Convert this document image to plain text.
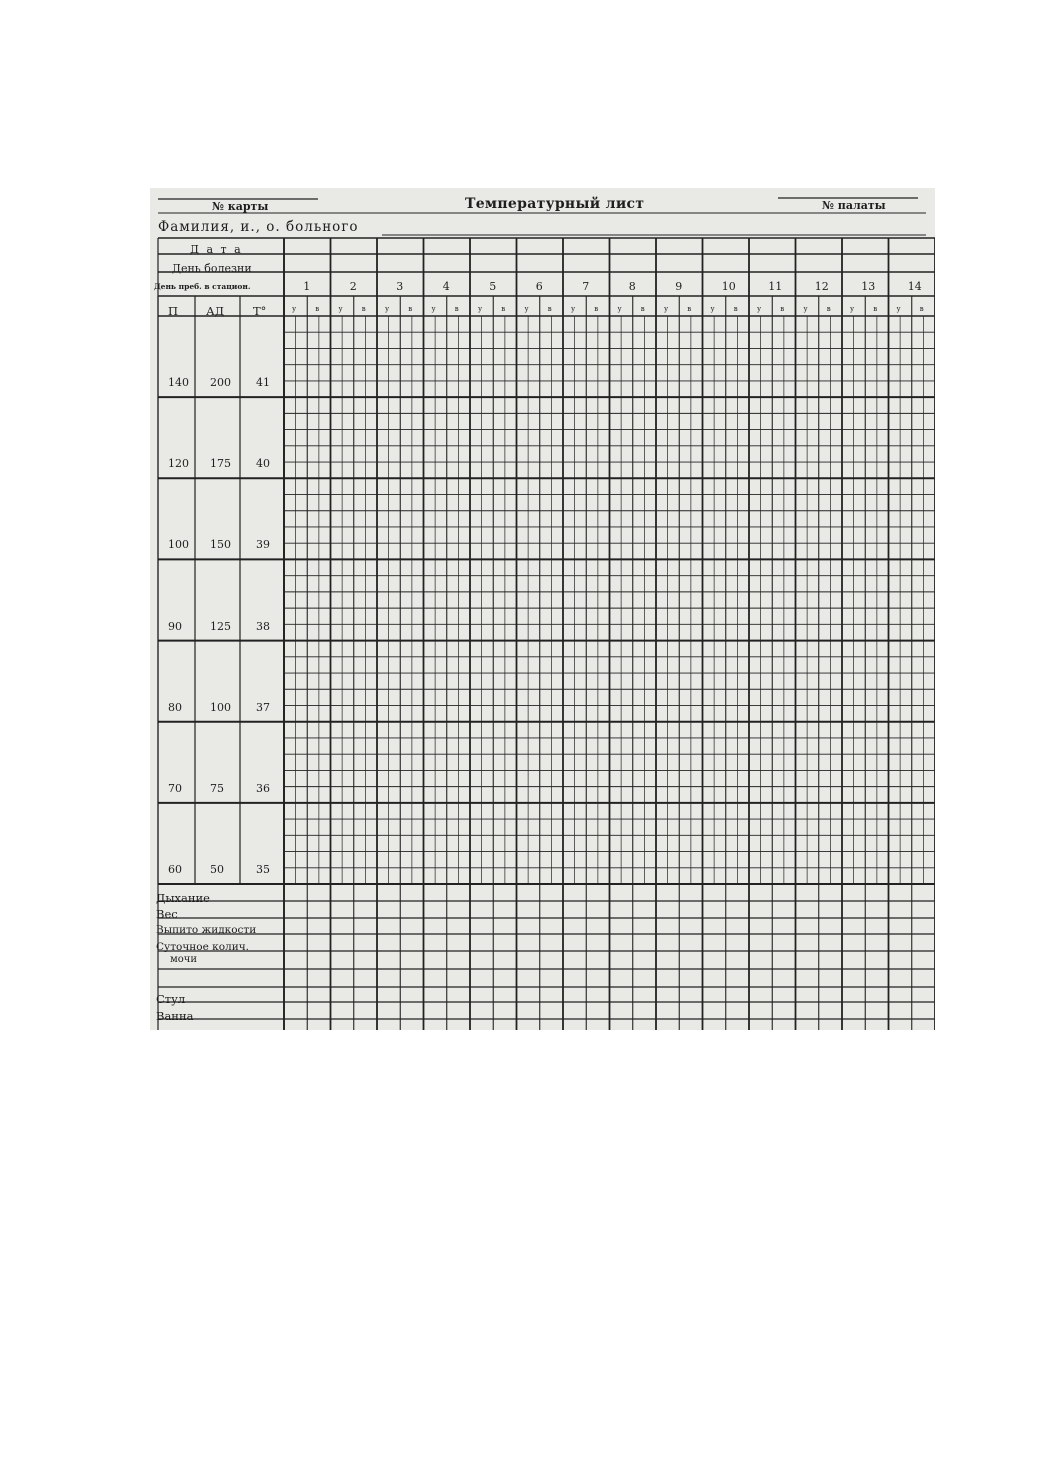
№ карты	Температурный лист	№ палаты
Фамилия, и., о. больного
Д а т а
День болезни
День преб. в стацион.
П АД	Т°
140 200 41
120 175 40
100 150 39
90	125 38
80	100 37
70	75	36
60	50	35
1
у	в
2
у	в
3
у	в
4
у	в
5
у	в
6
у	в
7
у	в
8
у	в
9
у	в
10
у	в
11
у	в
12
у	в
13
у	в
14
у	в
Дыхание
Вес
Выпито жидкости
Суточное колич.
мочи
Стул
Ванна
